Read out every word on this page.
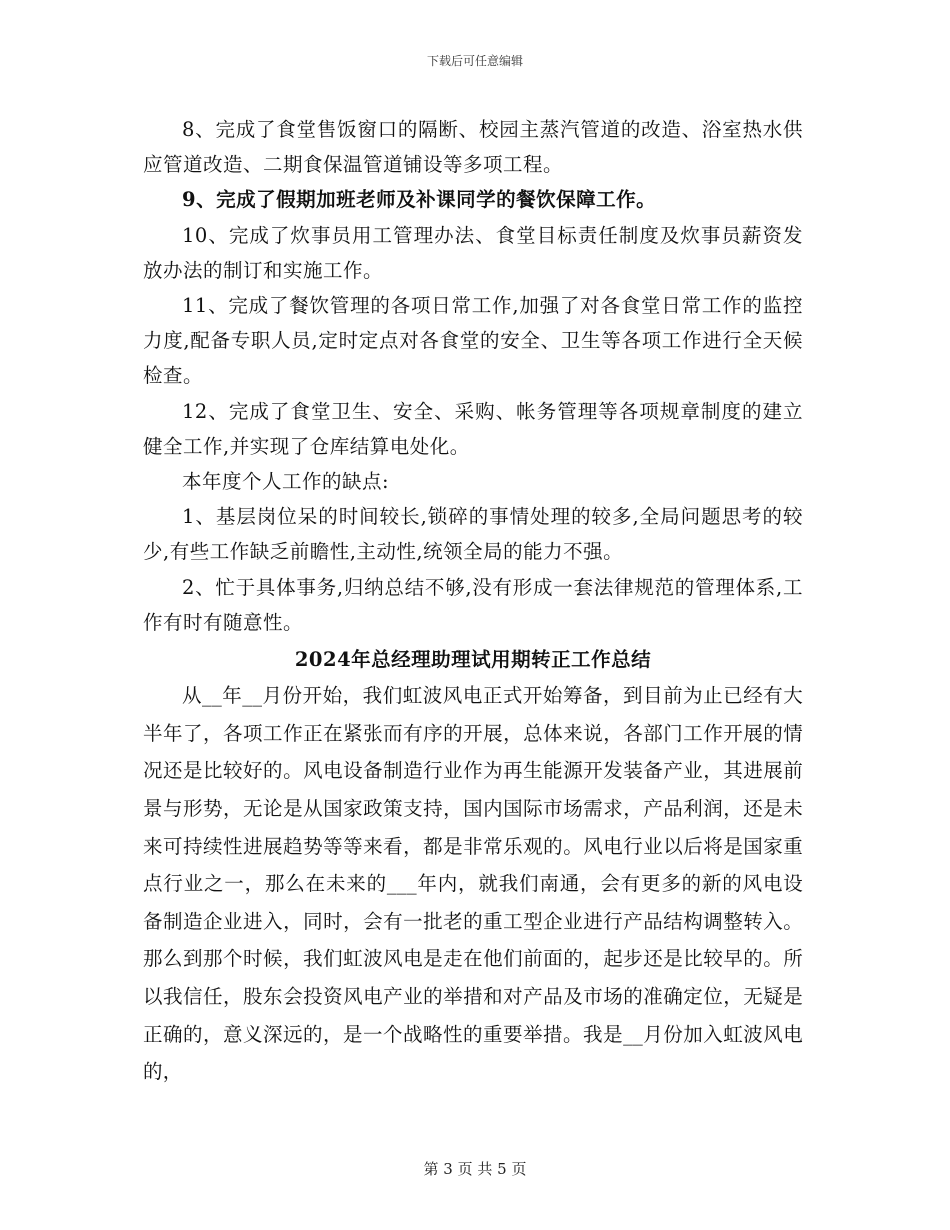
下载后可任意编辑

8、完成了食堂售饭窗口的隔断、校园主蒸汽管道的改造、浴室热水供应管道改造、二期食保温管道铺设等多项工程。

9、完成了假期加班老师及补课同学的餐饮保障工作。

10、完成了炊事员用工管理办法、食堂目标责任制度及炊事员薪资发放办法的制订和实施工作。

11、完成了餐饮管理的各项日常工作,加强了对各食堂日常工作的监控力度,配备专职人员,定时定点对各食堂的安全、卫生等各项工作进行全天候检查。

12、完成了食堂卫生、安全、采购、帐务管理等各项规章制度的建立健全工作,并实现了仓库结算电处化。

本年度个人工作的缺点:

1、基层岗位呆的时间较长,锁碎的事情处理的较多,全局问题思考的较少,有些工作缺乏前瞻性,主动性,统领全局的能力不强。

2、忙于具体事务,归纳总结不够,没有形成一套法律规范的管理体系,工作有时有随意性。

2024年总经理助理试用期转正工作总结

从__年__月份开始，我们虹波风电正式开始筹备，到目前为止已经有大半年了，各项工作正在紧张而有序的开展，总体来说，各部门工作开展的情况还是比较好的。风电设备制造行业作为再生能源开发装备产业，其进展前景与形势，无论是从国家政策支持，国内国际市场需求，产品利润，还是未来可持续性进展趋势等等来看，都是非常乐观的。风电行业以后将是国家重点行业之一，那么在未来的___年内，就我们南通，会有更多的新的风电设备制造企业进入，同时，会有一批老的重工型企业进行产品结构调整转入。那么到那个时候，我们虹波风电是走在他们前面的，起步还是比较早的。所以我信任，股东会投资风电产业的举措和对产品及市场的准确定位，无疑是正确的，意义深远的，是一个战略性的重要举措。我是__月份加入虹波风电的，

第 3 页 共 5 页
